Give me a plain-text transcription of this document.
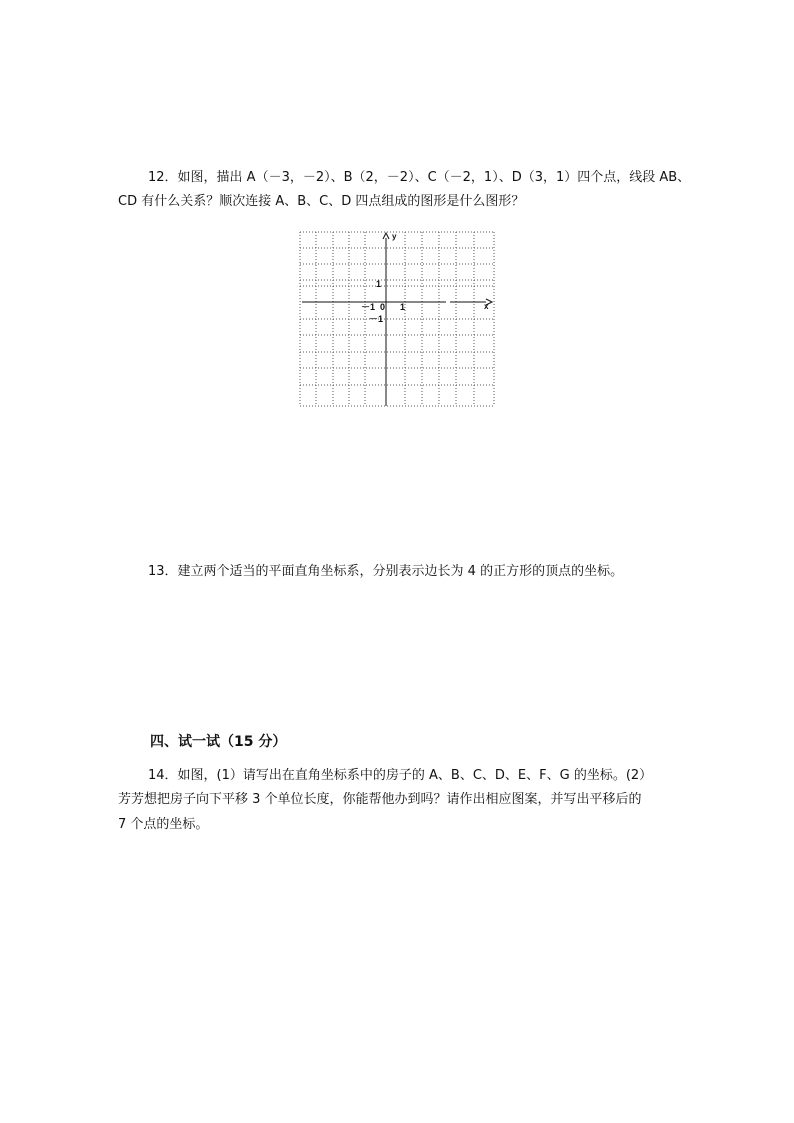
12．如图，描出 A（－3，－2）、B（2，－2）、C（－2，1）、D（3，1）四个点，线段 AB、
CD 有什么关系？顺次连接 A、B、C、D 四点组成的图形是什么图形？
y
x
1
0
－1	1
－1
13．建立两个适当的平面直角坐标系，分别表示边长为 4 的正方形的顶点的坐标。
四、试一试（15 分）
14．如图，(1）请写出在直角坐标系中的房子的 A、B、C、D、E、F、G 的坐标。(2）
芳芳想把房子向下平移 3 个单位长度，你能帮他办到吗？请作出相应图案，并写出平移后的
7 个点的坐标。
